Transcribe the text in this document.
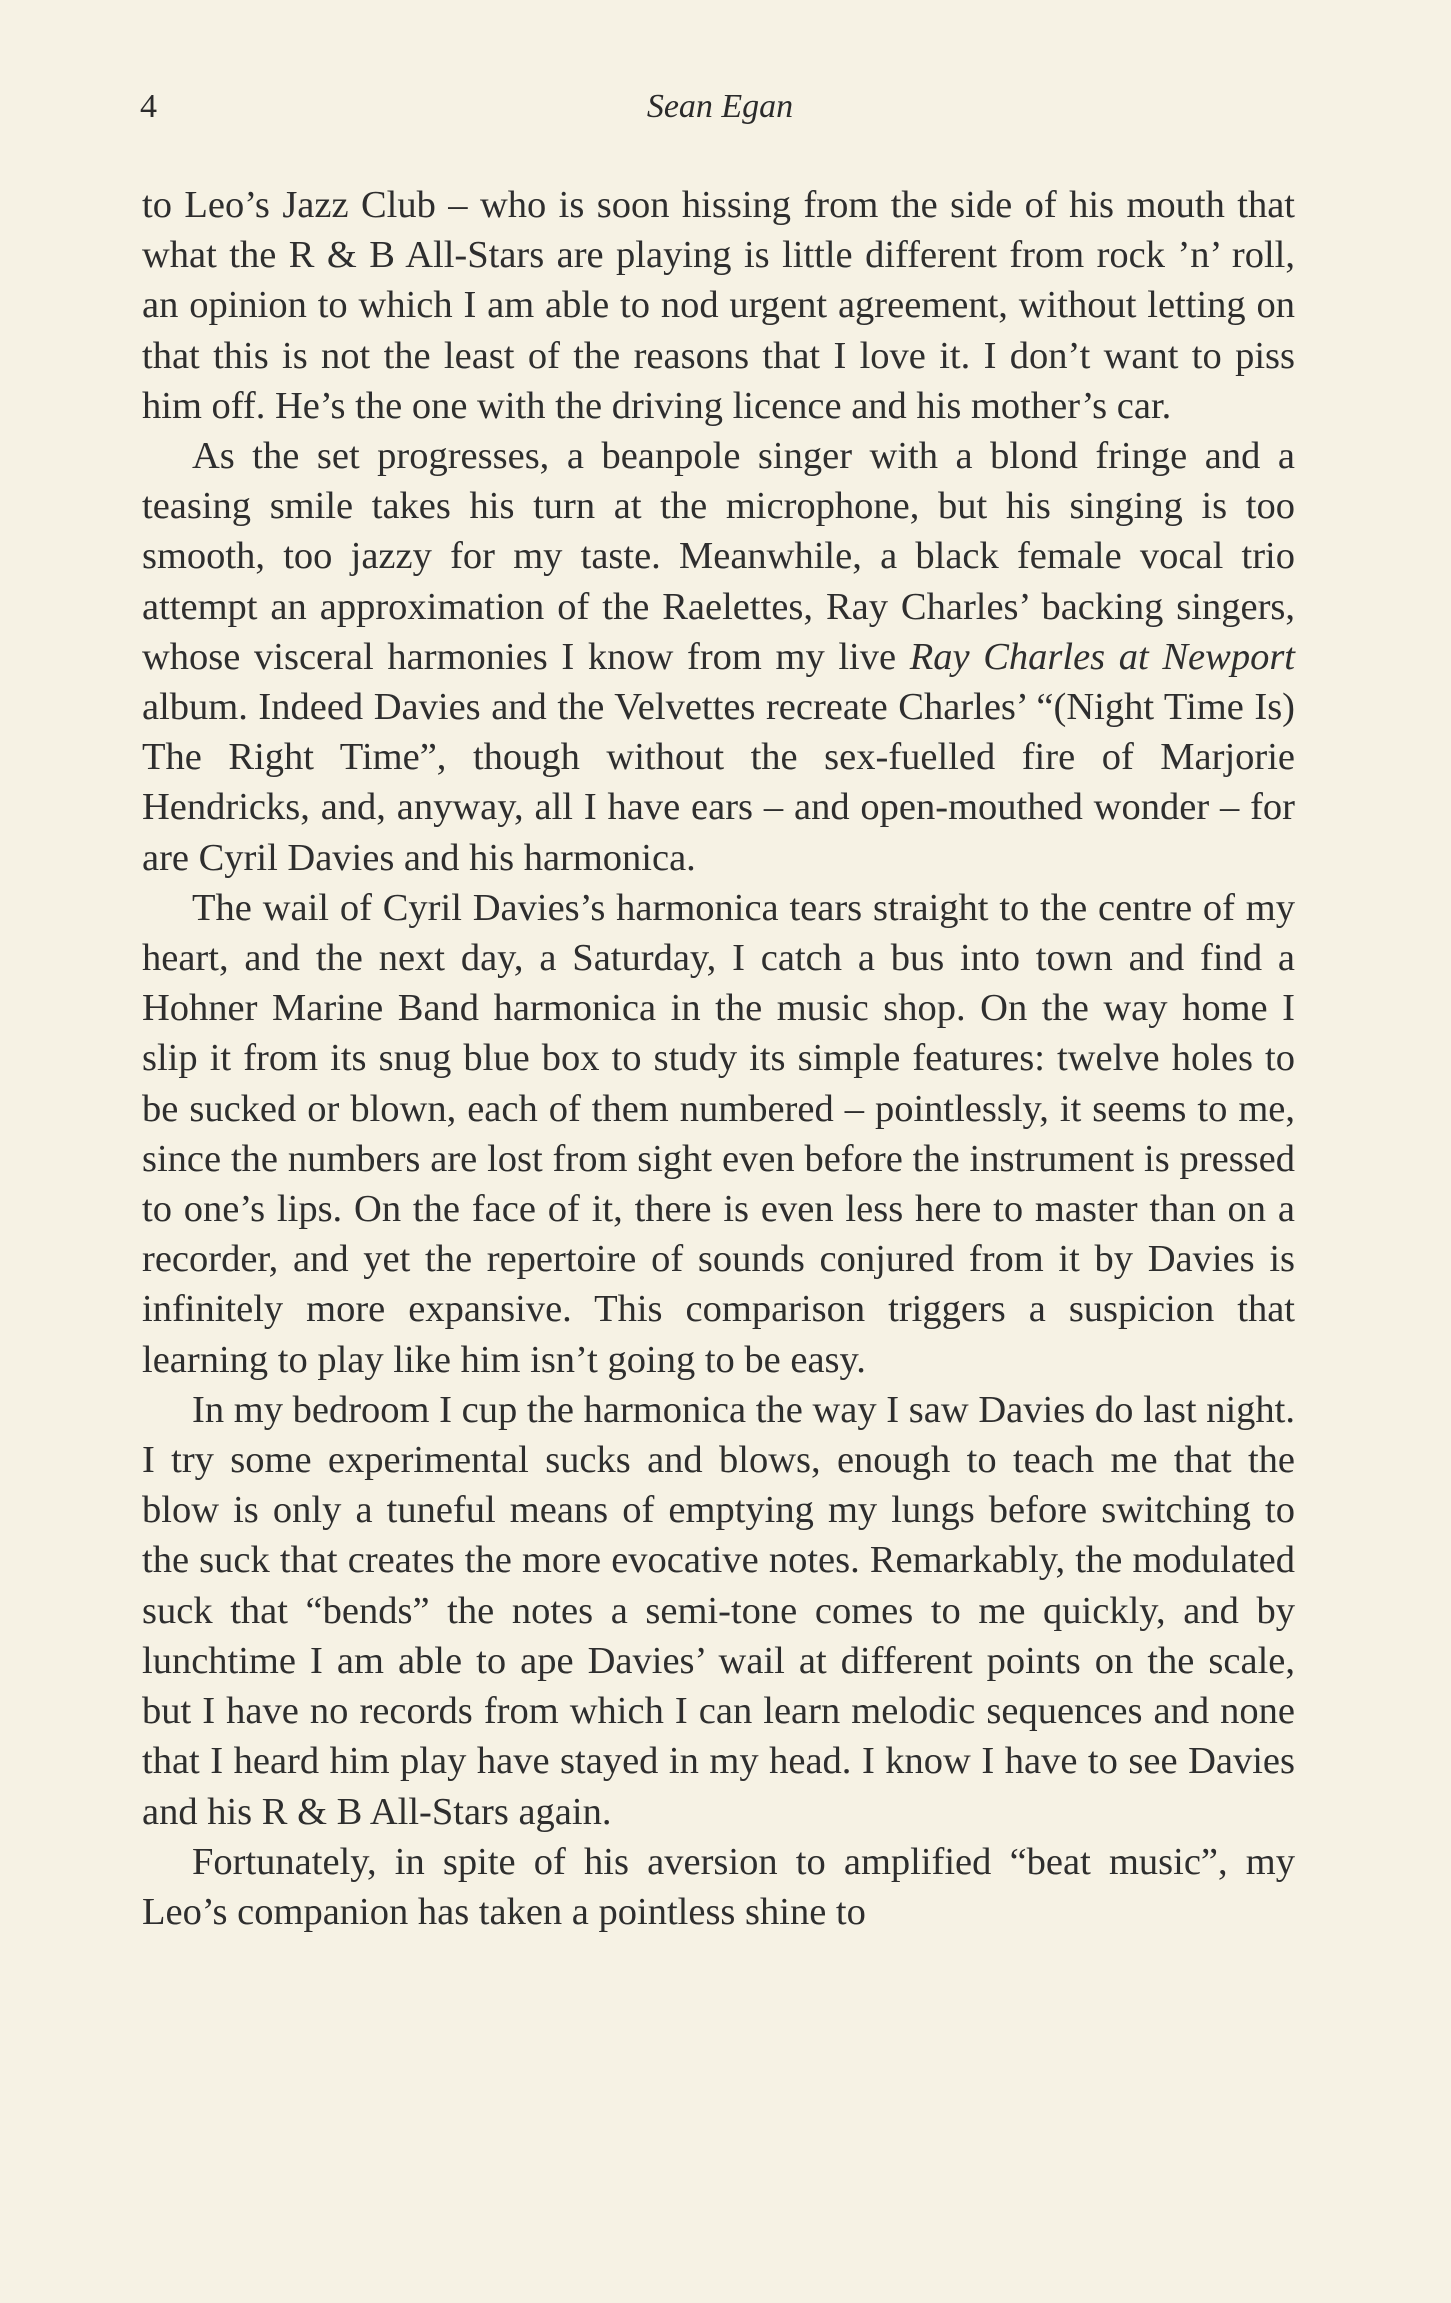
4	Sean Egan

to Leo’s Jazz Club – who is soon hissing from the side of his mouth that what the R & B All-Stars are playing is little different from rock ’n’ roll, an opinion to which I am able to nod urgent agreement, without letting on that this is not the least of the reasons that I love it. I don’t want to piss him off. He’s the one with the driving licence and his mother’s car.

As the set progresses, a beanpole singer with a blond fringe and a teasing smile takes his turn at the microphone, but his singing is too smooth, too jazzy for my taste. Meanwhile, a black female vocal trio attempt an approximation of the Raelettes, Ray Charles’ backing singers, whose visceral harmonies I know from my live Ray Charles at Newport album. Indeed Davies and the Velvettes recreate Charles’ “(Night Time Is) The Right Time”, though without the sex-fuelled fire of Marjorie Hendricks, and, anyway, all I have ears – and open-mouthed wonder – for are Cyril Davies and his harmonica.

The wail of Cyril Davies’s harmonica tears straight to the centre of my heart, and the next day, a Saturday, I catch a bus into town and find a Hohner Marine Band harmonica in the music shop. On the way home I slip it from its snug blue box to study its simple features: twelve holes to be sucked or blown, each of them numbered – pointlessly, it seems to me, since the numbers are lost from sight even before the instrument is pressed to one’s lips. On the face of it, there is even less here to master than on a recorder, and yet the repertoire of sounds conjured from it by Davies is infinitely more expansive. This comparison triggers a suspicion that learning to play like him isn’t going to be easy.

In my bedroom I cup the harmonica the way I saw Davies do last night. I try some experimental sucks and blows, enough to teach me that the blow is only a tuneful means of emptying my lungs before switching to the suck that creates the more evocative notes. Remarkably, the modulated suck that “bends” the notes a semi-tone comes to me quickly, and by lunchtime I am able to ape Davies’ wail at different points on the scale, but I have no records from which I can learn melodic sequences and none that I heard him play have stayed in my head. I know I have to see Davies and his R & B All-Stars again.

Fortunately, in spite of his aversion to amplified “beat music”, my Leo’s companion has taken a pointless shine to
